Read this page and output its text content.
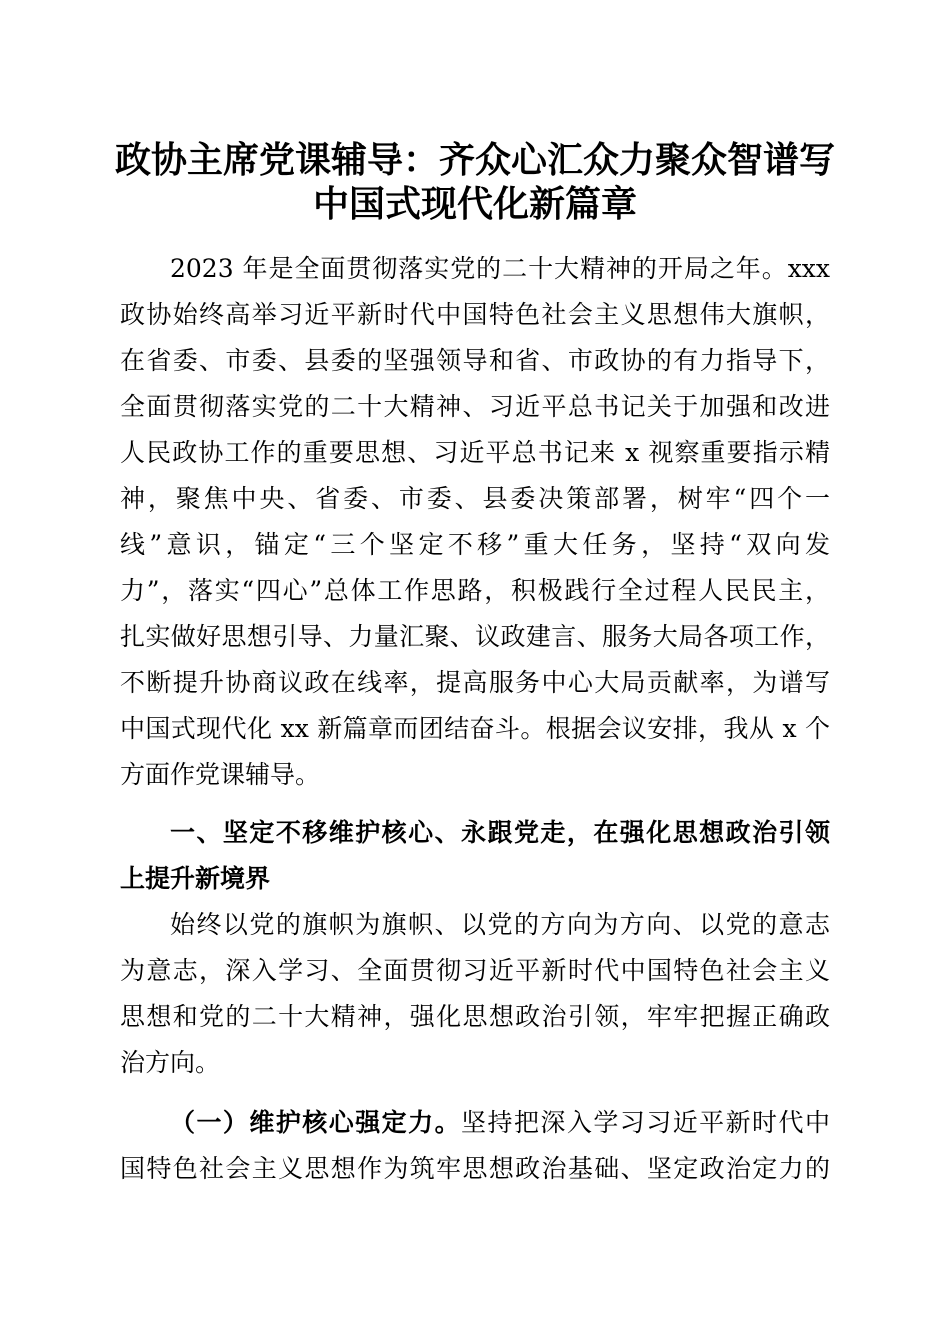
政协主席党课辅导：齐众心汇众力聚众智谱写
中国式现代化新篇章
2023 年是全面贯彻落实党的二十大精神的开局之年。xxx
政协始终高举习近平新时代中国特色社会主义思想伟大旗帜，
在省委、市委、县委的坚强领导和省、市政协的有力指导下，
全面贯彻落实党的二十大精神、习近平总书记关于加强和改进
人民政协工作的重要思想、习近平总书记来 x 视察重要指示精
神，聚焦中央、省委、市委、县委决策部署，树牢“四个一
线”意识，锚定“三个坚定不移”重大任务，坚持“双向发
力”，落实“四心”总体工作思路，积极践行全过程人民民主，
扎实做好思想引导、力量汇聚、议政建言、服务大局各项工作，
不断提升协商议政在线率，提高服务中心大局贡献率，为谱写
中国式现代化 xx 新篇章而团结奋斗。根据会议安排，我从 x 个
方面作党课辅导。
一、坚定不移维护核心、永跟党走，在强化思想政治引领
上提升新境界
始终以党的旗帜为旗帜、以党的方向为方向、以党的意志
为意志，深入学习、全面贯彻习近平新时代中国特色社会主义
思想和党的二十大精神，强化思想政治引领，牢牢把握正确政
治方向。
（一）维护核心强定力。坚持把深入学习习近平新时代中
国特色社会主义思想作为筑牢思想政治基础、坚定政治定力的
